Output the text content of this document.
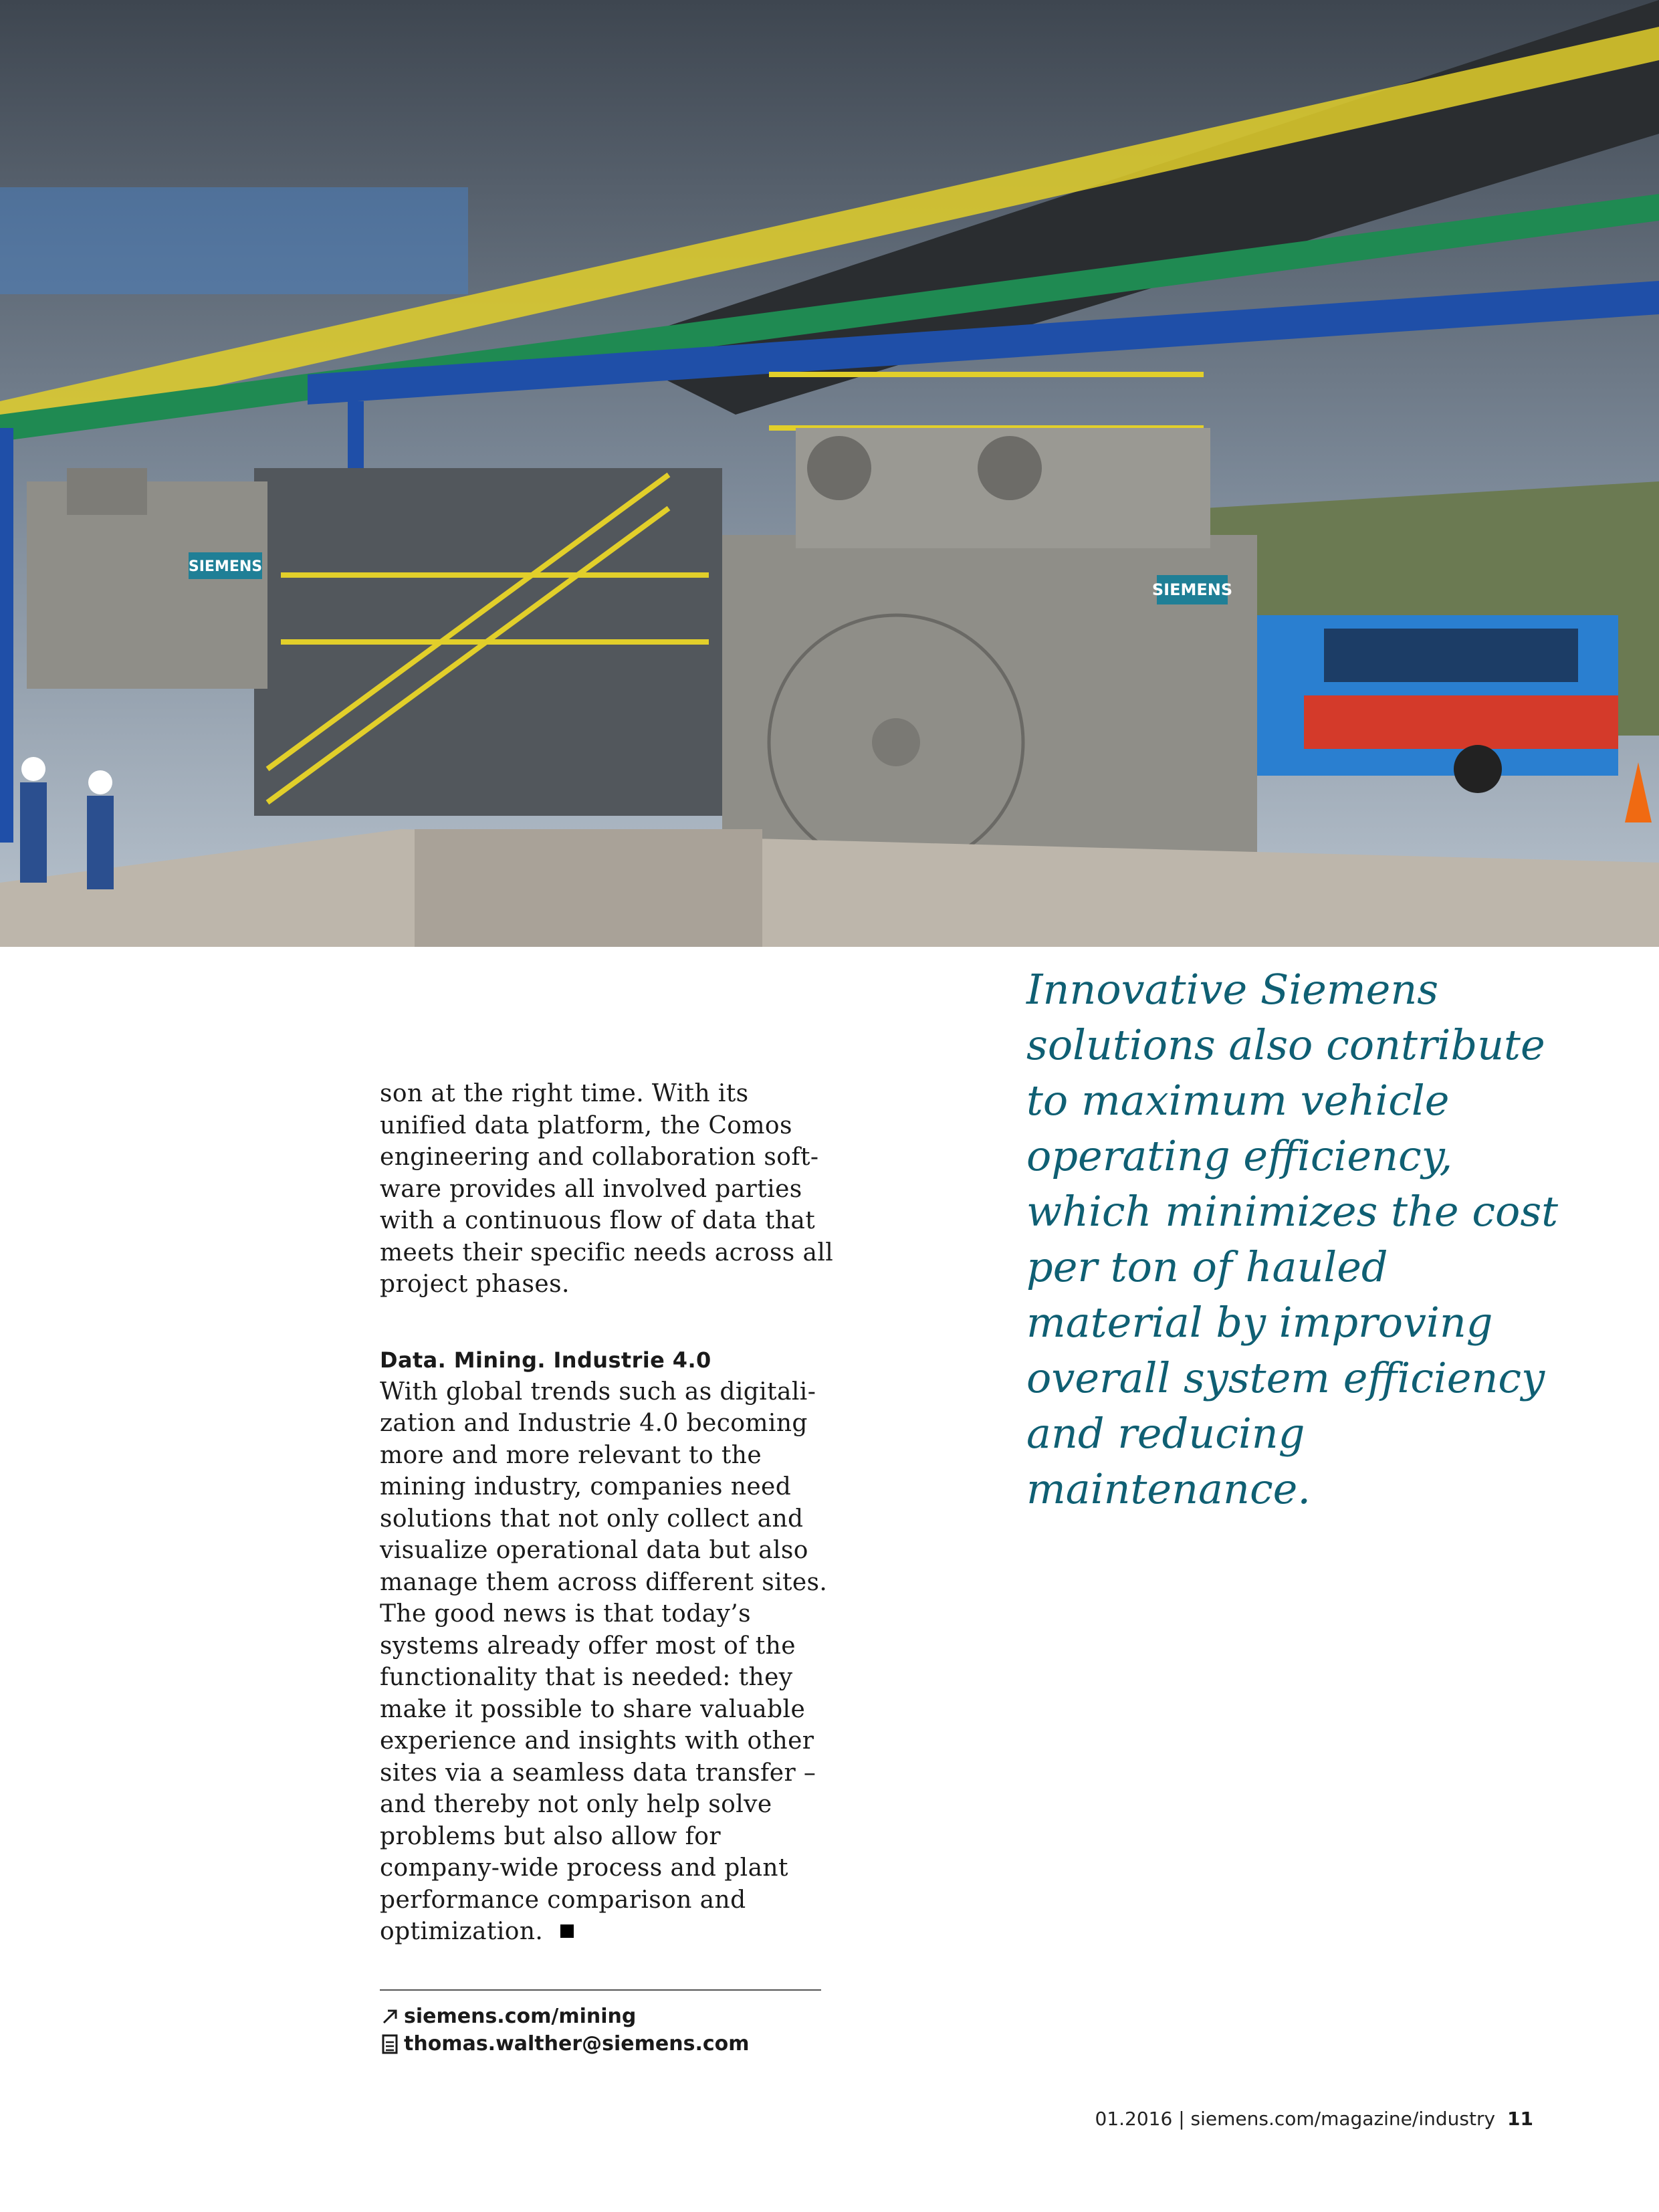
SIEMENS
SIEMENS

son at the right time. With its unified data platform, the Comos engineering and collaboration soft-ware provides all involved parties with a continuous flow of data that meets their specific needs across all project phases.

Data. Mining. Industrie 4.0

With global trends such as digitali-zation and Industrie 4.0 becoming more and more relevant to the mining industry, companies need solutions that not only collect and visualize operational data but also manage them across different sites. The good news is that today’s systems already offer most of the functionality that is needed: they make it possible to share valuable experience and insights with other sites via a seamless data transfer – and thereby not only help solve problems but also allow for company-wide process and plant performance comparison and optimization.

siemens.com/mining
thomas.walther@siemens.com

Innovative Siemens solutions also contribute to maximum vehicle operating efficiency, which minimizes the cost per ton of hauled material by improving overall system efficiency and reducing maintenance.

01.2016 | siemens.com/magazine/industry 11
